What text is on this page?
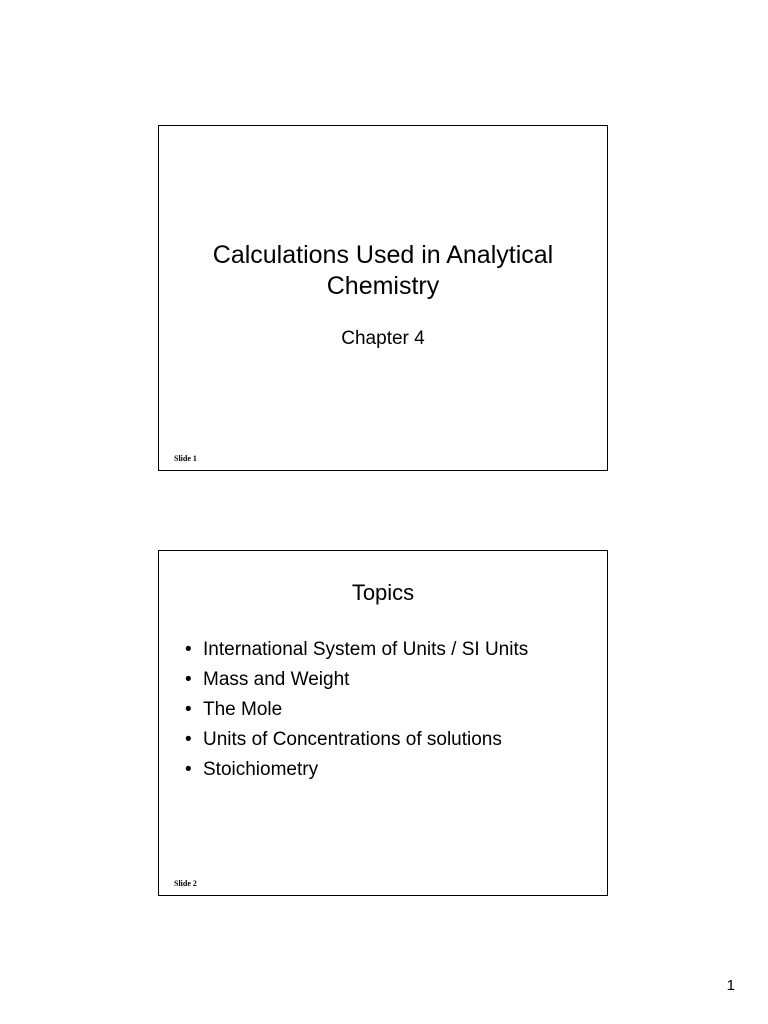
Calculations Used in Analytical
Chemistry
Chapter 4
Slide 1
Topics
• International System of Units / SI Units
• Mass and Weight
• The Mole
• Units of Concentrations of solutions
• Stoichiometry
Slide 2
1
